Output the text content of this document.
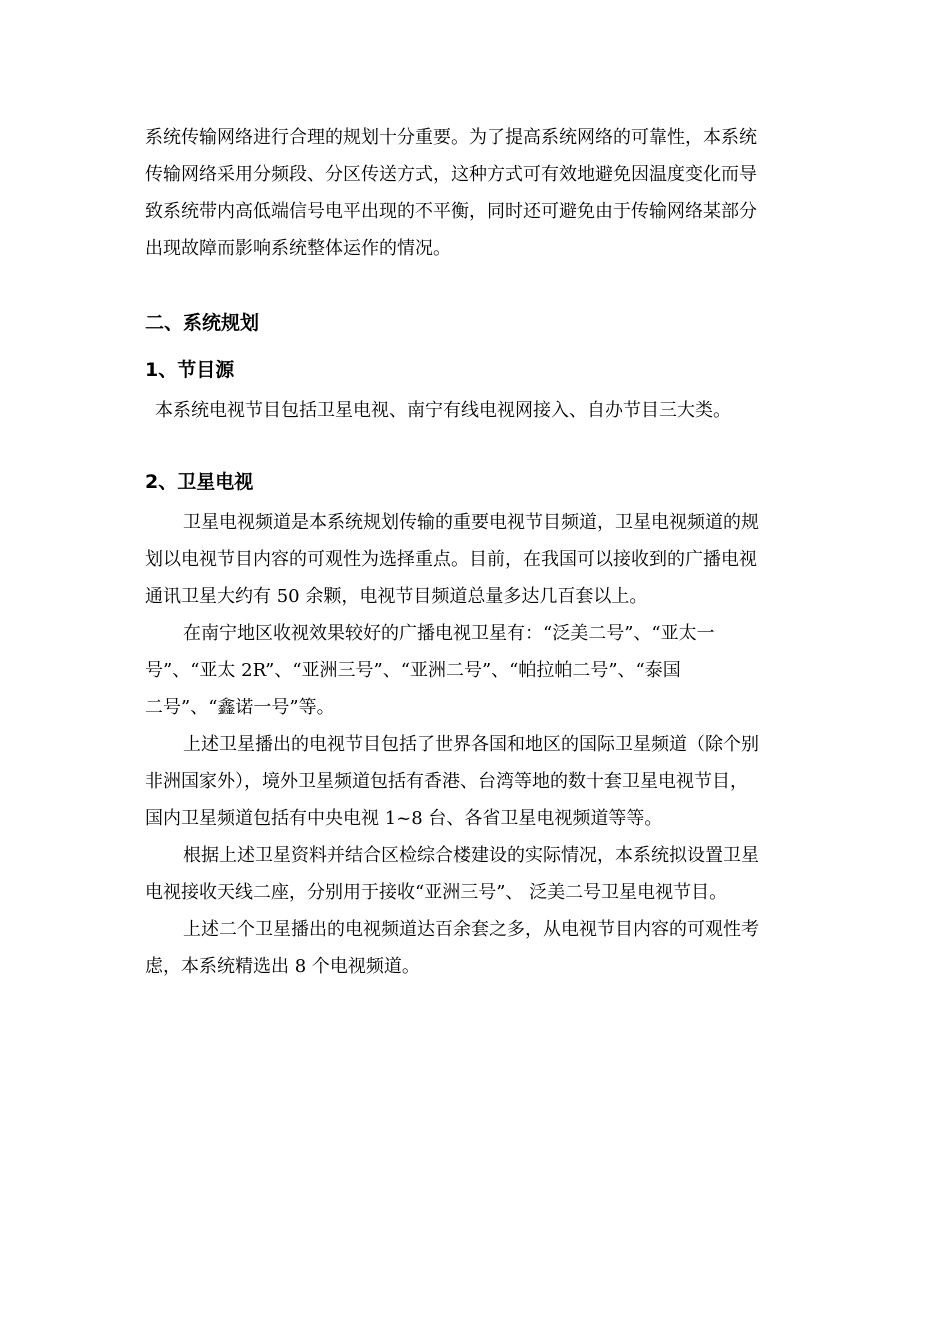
系统传输网络进行合理的规划十分重要。为了提高系统网络的可靠性，本系统

传输网络采用分频段、分区传送方式，这种方式可有效地避免因温度变化而导

致系统带内高低端信号电平出现的不平衡，同时还可避免由于传输网络某部分

出现故障而影响系统整体运作的情况。

二、系统规划
1、节目源

本系统电视节目包括卫星电视、南宁有线电视网接入、自办节目三大类。

2、卫星电视

卫星电视频道是本系统规划传输的重要电视节目频道，卫星电视频道的规

划以电视节目内容的可观性为选择重点。目前，在我国可以接收到的广播电视

通讯卫星大约有 50 余颗，电视节目频道总量多达几百套以上。

在南宁地区收视效果较好的广播电视卫星有：“泛美二号”、“亚太一

号”、“亚太 2R”、“亚洲三号”、“亚洲二号”、“帕拉帕二号”、“泰国

二号”、“鑫诺一号”等。

上述卫星播出的电视节目包括了世界各国和地区的国际卫星频道（除个别

非洲国家外），境外卫星频道包括有香港、台湾等地的数十套卫星电视节目，

国内卫星频道包括有中央电视 1~8 台、各省卫星电视频道等等。

根据上述卫星资料并结合区检综合楼建设的实际情况，本系统拟设置卫星

电视接收天线二座，分别用于接收“亚洲三号”、 泛美二号卫星电视节目。

上述二个卫星播出的电视频道达百余套之多，从电视节目内容的可观性考

虑，本系统精选出 8 个电视频道。
